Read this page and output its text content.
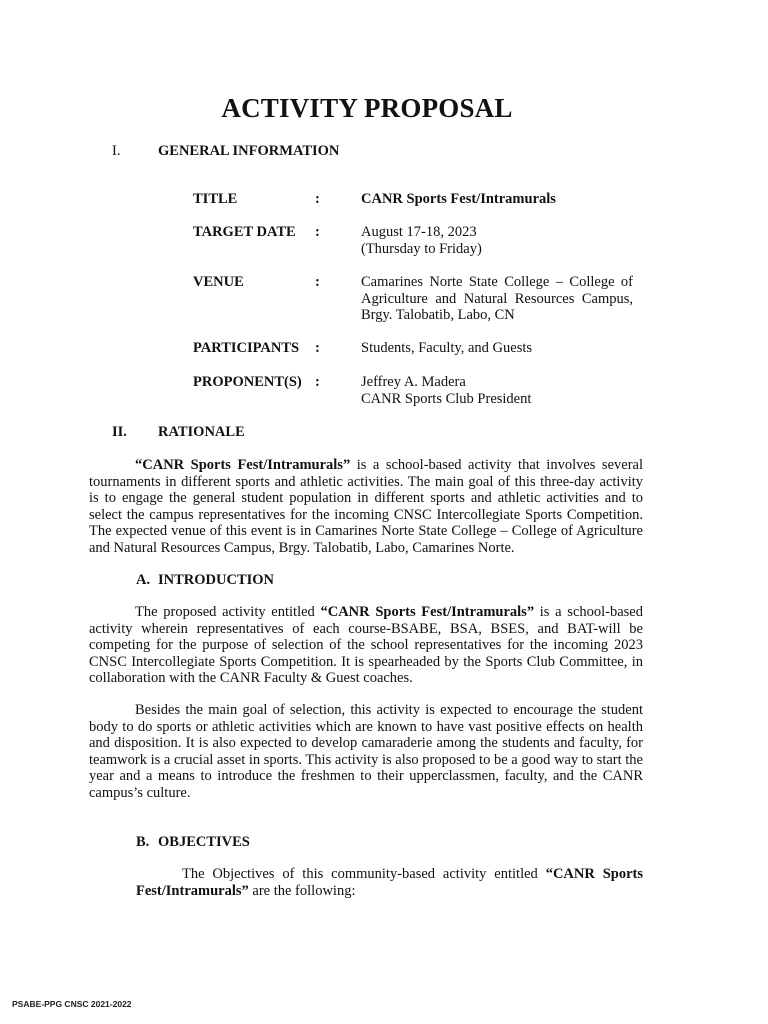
ACTIVITY PROPOSAL
I.	GENERAL INFORMATION
TITLE	:	CANR Sports Fest/Intramurals
TARGET DATE :	August 17-18, 2023
(Thursday to Friday)
VENUE	:	Camarines Norte State College – College of
Agriculture and Natural Resources Campus,
Brgy. Talobatib, Labo, CN
PARTICIPANTS :	Students, Faculty, and Guests
PROPONENT(S) :	Jeffrey A. Madera
CANR Sports Club President
II. RATIONALE
“CANR Sports Fest/Intramurals” is a school-based activity that involves several tournaments in different sports and athletic activities. The main goal of this three-day activity is to engage the general student population in different sports and athletic activities and to select the campus representatives for the incoming CNSC Intercollegiate Sports Competition. The expected venue of this event is in Camarines Norte State College – College of Agriculture and Natural Resources Campus, Brgy. Talobatib, Labo, Camarines Norte.
A. INTRODUCTION
The proposed activity entitled “CANR Sports Fest/Intramurals” is a school-based activity wherein representatives of each course-BSABE, BSA, BSES, and BAT-will be competing for the purpose of selection of the school representatives for the incoming 2023 CNSC Intercollegiate Sports Competition. It is spearheaded by the Sports Club Committee, in collaboration with the CANR Faculty & Guest coaches.
Besides the main goal of selection, this activity is expected to encourage the student body to do sports or athletic activities which are known to have vast positive effects on health and disposition. It is also expected to develop camaraderie among the students and faculty, for teamwork is a crucial asset in sports. This activity is also proposed to be a good way to start the year and a means to introduce the freshmen to their upperclassmen, faculty, and the CANR campus’s culture.
B. OBJECTIVES
The Objectives of this community-based activity entitled “CANR Sports Fest/Intramurals” are the following:
PSABE-PPG CNSC 2021-2022
